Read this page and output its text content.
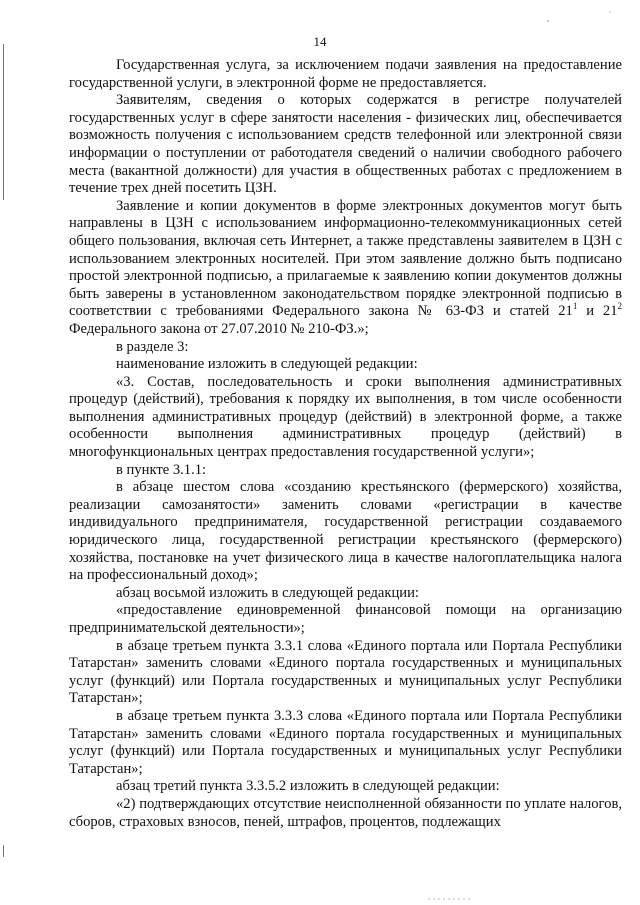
14

Государственная услуга, за исключением подачи заявления на предоставление государственной услуги, в электронной форме не предоставляется.

Заявителям, сведения о которых содержатся в регистре получателей государственных услуг в сфере занятости населения - физических лиц, обеспечивается возможность получения с использованием средств телефонной или электронной связи информации о поступлении от работодателя сведений о наличии свободного рабочего места (вакантной должности) для участия в общественных работах с предложением в течение трех дней посетить ЦЗН.

Заявление и копии документов в форме электронных документов могут быть направлены в ЦЗН с использованием информационно-телекоммуникационных сетей общего пользования, включая сеть Интернет, а также представлены заявителем в ЦЗН с использованием электронных носителей. При этом заявление должно быть подписано простой электронной подписью, а прилагаемые к заявлению копии документов должны быть заверены в установленном законодательством порядке электронной подписью в соответствии с требованиями Федерального закона № 63-ФЗ и статей $21^1$ и $21^2$ Федерального закона от 27.07.2010 № 210-ФЗ.»;

в разделе 3:

наименование изложить в следующей редакции:

«3. Состав, последовательность и сроки выполнения административных процедур (действий), требования к порядку их выполнения, в том числе особенности выполнения административных процедур (действий) в электронной форме, а также особенности выполнения административных процедур (действий) в многофункциональных центрах предоставления государственной услуги»;

в пункте 3.1.1:

в абзаце шестом слова «созданию крестьянского (фермерского) хозяйства, реализации самозанятости» заменить словами «регистрации в качестве индивидуального предпринимателя, государственной регистрации создаваемого юридического лица, государственной регистрации крестьянского (фермерского) хозяйства, постановке на учет физического лица в качестве налогоплательщика налога на профессиональный доход»;

абзац восьмой изложить в следующей редакции:

«предоставление единовременной финансовой помощи на организацию предпринимательской деятельности»;

в абзаце третьем пункта 3.3.1 слова «Единого портала или Портала Республики Татарстан» заменить словами «Единого портала государственных и муниципальных услуг (функций) или Портала государственных и муниципальных услуг Республики Татарстан»;

в абзаце третьем пункта 3.3.3 слова «Единого портала или Портала Республики Татарстан» заменить словами «Единого портала государственных и муниципальных услуг (функций) или Портала государственных и муниципальных услуг Республики Татарстан»;

абзац третий пункта 3.3.5.2 изложить в следующей редакции:

«2) подтверждающих отсутствие неисполненной обязанности по уплате налогов, сборов, страховых взносов, пеней, штрафов, процентов, подлежащих
